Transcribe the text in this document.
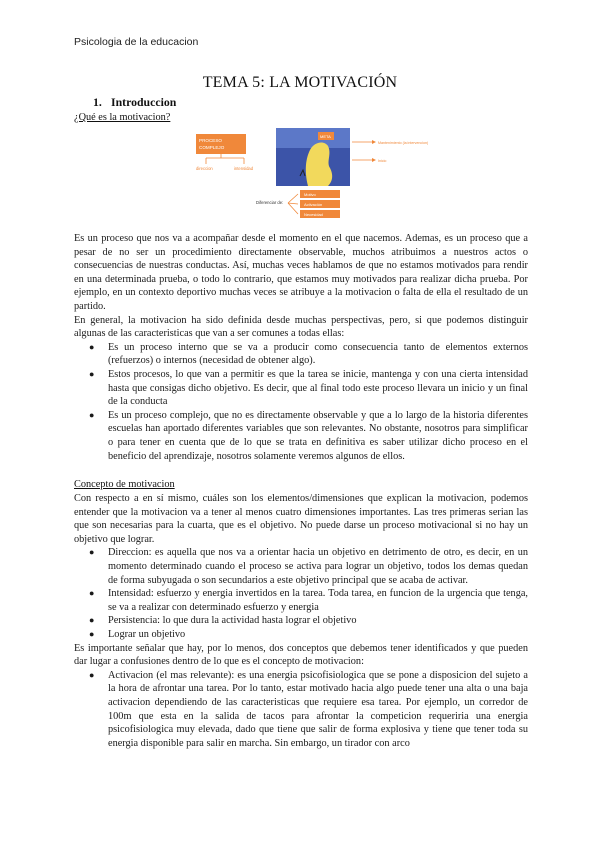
Psicologia de la educacion
TEMA 5: LA MOTIVACIÓN
1. Introduccion
¿Qué es la motivacion?
PROCESO
COMPLEJO
direccion	intensidad
META
Mantenimiento (la intervencion)
Inicio
Diferenciar de:
Motivo
Activación
Necesidad

Es un proceso que nos va a acompañar desde el momento en el que nacemos. Ademas, es un proceso que a pesar de no ser un procedimiento directamente observable, muchos atribuimos a nuestros actos o consecuencias de nuestras conductas. Así, muchas veces hablamos de que no estamos motivados para rendir en una determinada prueba, o todo lo contrario, que estamos muy motivados para realizar dicha prueba. Por ejemplo, en un contexto deportivo muchas veces se atribuye a la motivacion o falta de ella el resultado de un partido.

En general, la motivacion ha sido definida desde muchas perspectivas, pero, si que podemos distinguir algunas de las caracteristicas que van a ser comunes a todas ellas:

● Es un proceso interno que se va a producir como consecuencia tanto de elementos externos (refuerzos) o internos (necesidad de obtener algo).
● Estos procesos, lo que van a permitir es que la tarea se inicie, mantenga y con una cierta intensidad hasta que consigas dicho objetivo. Es decir, que al final todo este proceso llevara un inicio y un final de la conducta
● Es un proceso complejo, que no es directamente observable y que a lo largo de la historia diferentes escuelas han aportado diferentes variables que son relevantes. No obstante, nosotros para simplificar o para tener en cuenta que de lo que se trata en definitiva es saber utilizar dicho proceso en el beneficio del aprendizaje, nosotros solamente veremos algunos de ellos.
Concepto de motivacion

Con respecto a en sí mismo, cuáles son los elementos/dimensiones que explican la motivacion, podemos entender que la motivacion va a tener al menos cuatro dimensiones importantes. Las tres primeras serian las que son necesarias para la cuarta, que es el objetivo. No puede darse un proceso motivacional si no hay un objetivo que lograr.

● Direccion: es aquella que nos va a orientar hacia un objetivo en detrimento de otro, es decir, en un momento determinado cuando el proceso se activa para lograr un objetivo, todos los demas quedan de forma subyugada o son secundarios a este objetivo principal que se acaba de activar.
● Intensidad: esfuerzo y energia invertidos en la tarea. Toda tarea, en funcion de la urgencia que tenga, se va a realizar con determinado esfuerzo y energia
● Persistencia: lo que dura la actividad hasta lograr el objetivo
● Lograr un objetivo

Es importante señalar que hay, por lo menos, dos conceptos que debemos tener identificados y que pueden dar lugar a confusiones dentro de lo que es el concepto de motivacion:

● Activacion (el mas relevante): es una energia psicofisiologica que se pone a disposicion del sujeto a la hora de afrontar una tarea. Por lo tanto, estar motivado hacia algo puede tener una alta o una baja activacion dependiendo de las caracteristicas que requiere esa tarea. Por ejemplo, un corredor de 100m que esta en la salida de tacos para afrontar la competicion requeriria una energia psicofisiologica muy elevada, dado que tiene que salir de forma explosiva y tiene que tener toda su energia disponible para salir en marcha. Sin embargo, un tirador con arco
